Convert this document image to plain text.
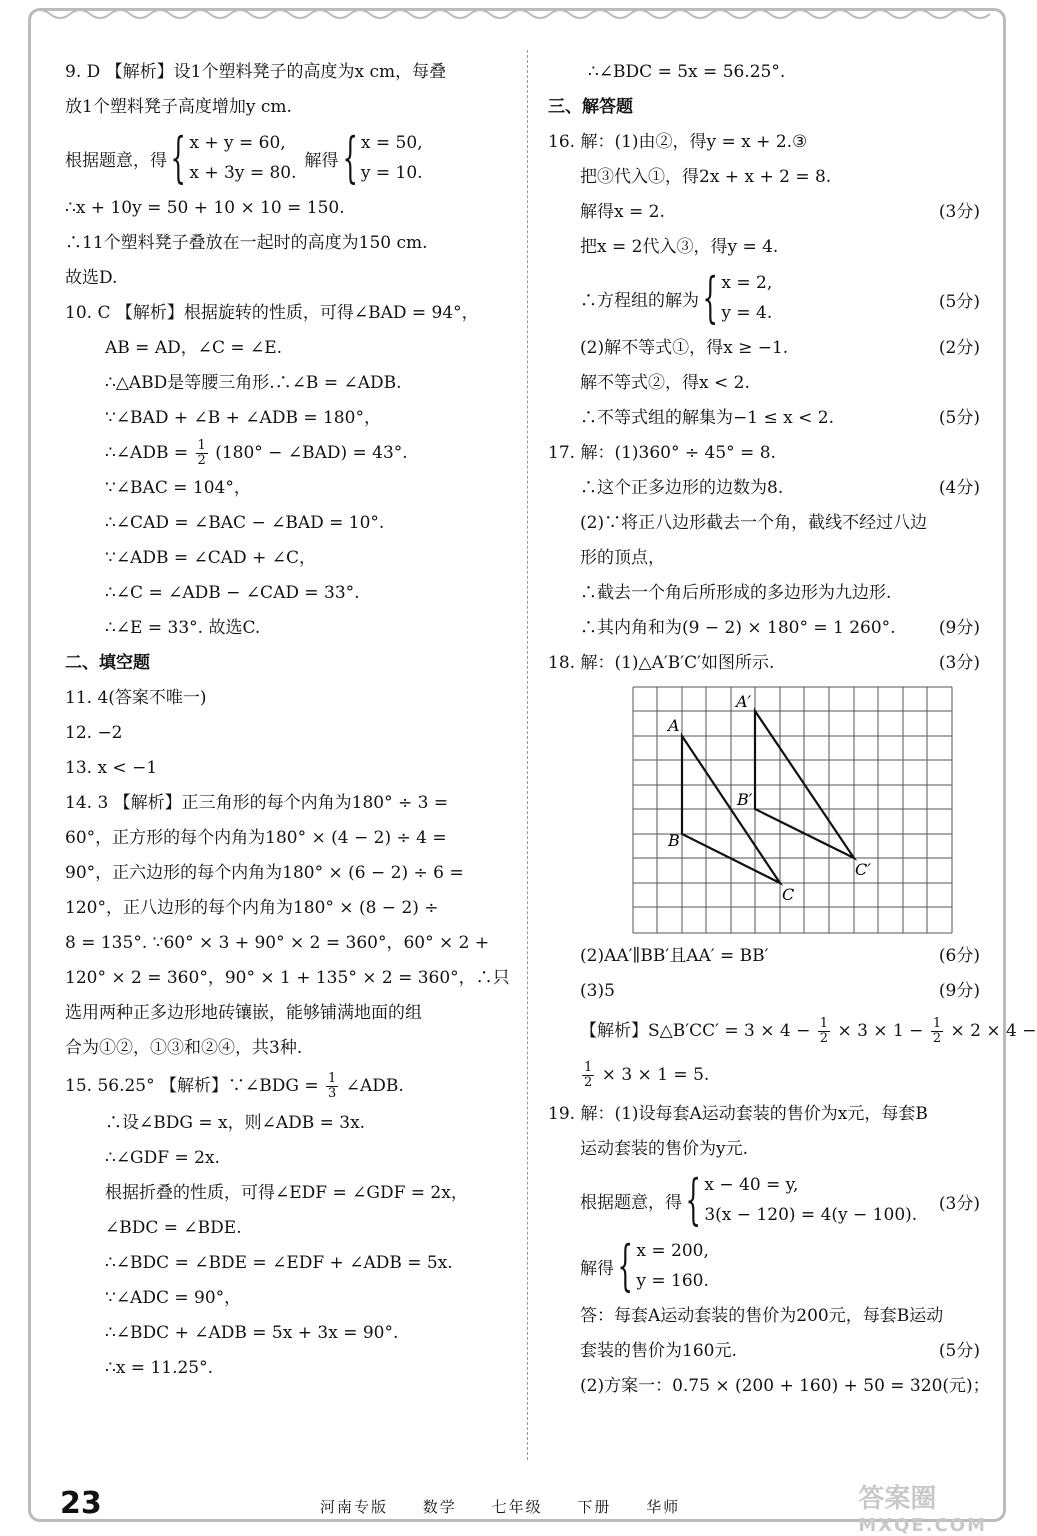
9. D 【解析】设1个塑料凳子的高度为x cm，每叠
放1个塑料凳子高度增加y cm.
根据题意，得 { x + y = 60,
x + 3y = 80.
解得 { x = 50,
y = 10.
∴x + 10y = 50 + 10 × 10 = 150.
∴11个塑料凳子叠放在一起时的高度为150 cm.
故选D.
10. C 【解析】根据旋转的性质，可得∠BAD = 94°，
AB = AD，∠C = ∠E.
∴△ABD是等腰三角形.∴∠B = ∠ADB.
∵∠BAD + ∠B + ∠ADB = 180°，
∴∠ADB = $\frac{1}{2} (180^\circ$ − ∠BAD) = 43°.
∵∠BAC = 104°，
∴∠CAD = ∠BAC − ∠BAD = 10°.
∵∠ADB = ∠CAD + ∠C，
∴∠C = ∠ADB − ∠CAD = 33°.
∴∠E = 33°. 故选C.
二、填空题
11. 4(答案不唯一)
12. −2
13. x < −1
14. 3 【解析】正三角形的每个内角为180° ÷ 3 =
60°，正方形的每个内角为180° × (4 − 2) ÷ 4 =
90°，正六边形的每个内角为180° × (6 − 2) ÷ 6 =
120°，正八边形的每个内角为180° × (8 − 2) ÷
8 = 135°. ∵60° × 3 + 90° × 2 = 360°，60° × 2 +
120° × 2 = 360°，90° × 1 + 135° × 2 = 360°，∴只
选用两种正多边形地砖镶嵌，能够铺满地面的组
合为①②，①③和②④，共3种.
15. 56.25° 【解析】∵∠BDG = $\frac{1}{3}$ ∠ADB.
∴设∠BDG = x，则∠ADB = 3x.
∴∠GDF = 2x.
根据折叠的性质，可得∠EDF = ∠GDF = 2x，
∠BDC = ∠BDE.
∴∠BDC = ∠BDE = ∠EDF + ∠ADB = 5x.
∵∠ADC = 90°，
∴∠BDC + ∠ADB = 5x + 3x = 90°.
∴x = 11.25°.
∴∠BDC = 5x = 56.25°.
三、解答题
16. 解：(1)由②，得y = x + 2.③
把③代入①，得2x + x + 2 = 8.
解得x = 2.	(3分)
把x = 2代入③，得y = 4.
∴方程组的解为 { x = 2,
y = 4.
(5分)
(2)解不等式①，得x ≥ −1.	(2分)
解不等式②，得x < 2.
∴不等式组的解集为−1 ≤ x < 2.	(5分)
17. 解：(1)360° ÷ 45° = 8.
∴这个正多边形的边数为8.	(4分)
(2)∵将正八边形截去一个角，截线不经过八边
形的顶点，
∴截去一个角后所形成的多边形为九边形.
∴其内角和为(9 − 2) × 180° = 1 260°.	(9分)
18. 解：(1)△A′B′C′如图所示.	(3分)
A
B
C
A′
B′
C′
(2)AA′∥BB′且AA′ = BB′	(6分)
(3)5	(9分)
【解析】S△B′CC′ = $3 \times 4 - \frac{1}{2} \times 3 \times 1 - \frac{1}{2} \times 2 \times 4$ −
$\frac{1}{2} \times 3 \times 1 = 5$.
19. 解：(1)设每套A运动套装的售价为x元，每套B
运动套装的售价为y元.
根据题意，得 { x − 40 = y,
3(x − 120) = 4(y − 100).
(3分)
解得 { x = 200,
y = 160.
答：每套A运动套装的售价为200元，每套B运动
套装的售价为160元.	(5分)
(2)方案一：0.75 × (200 + 160) + 50 = 320(元)；
23	河南专版 数学 七年级 下册 华师	答案圈
MXQE.COM
